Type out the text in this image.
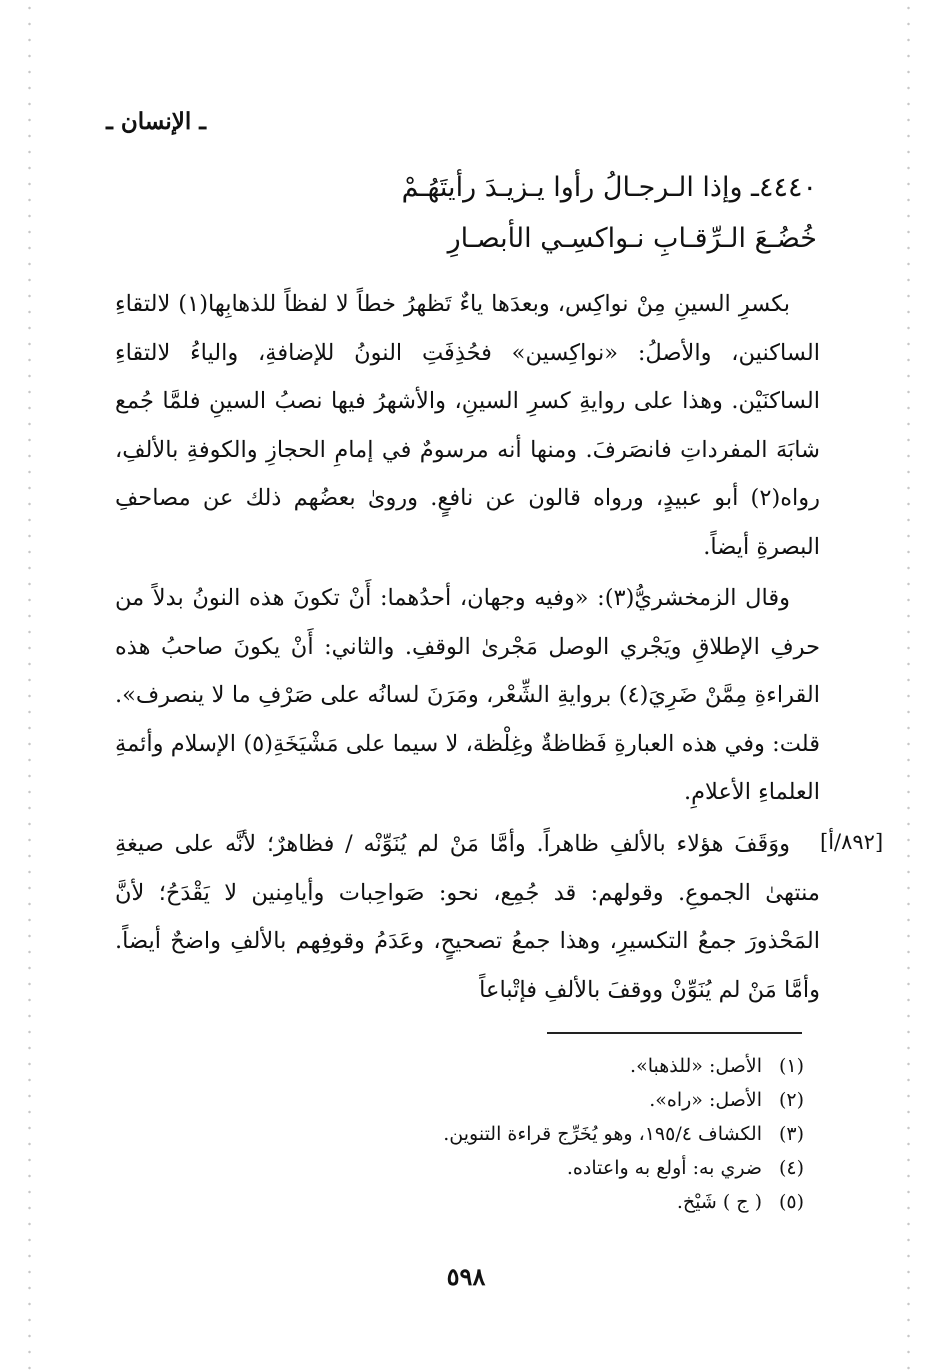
ـ الإنسان ـ
٤٤٤٠ـ وإذا الـرجـالُ رأوا يـزيـدَ رأيتَهُـمْ
خُضُـعَ الـرِّقـابِ نـواكسِـي الأبصـارِ

بكسرِ السينِ مِنْ نواكِس، وبعدَها ياءٌ تَظهرُ خطاً لا لفظاً للذهابِها(١) لالتقاءِ الساكنين، والأصلُ: «نواكِسين» فحُذِفَتِ النونُ للإضافةِ، والياءُ لالتقاءِ الساكنَيْن. وهذا على روايةِ كسرِ السينِ، والأشهرُ فيها نصبُ السينِ فلمَّا جُمع شابَهَ المفرداتِ فانصَرفَ. ومنها أنه مرسومٌ في إمامِ الحجازِ والكوفةِ بالألفِ، رواه(٢) أبو عبيدٍ، ورواه قالون عن نافعٍ. وروىٰ بعضُهم ذلك عن مصاحفِ البصرةِ أيضاً.

وقال الزمخشريُّ(٣): «وفيه وجهان، أحدُهما: أَنْ تكونَ هذه النونُ بدلاً من حرفِ الإطلاقِ ويَجْري الوصل مَجْرىٰ الوقفِ. والثاني: أَنْ يكونَ صاحبُ هذه القراءةِ مِمَّنْ ضَرِيَ(٤) بروايةِ الشِّعْر، ومَرَنَ لسانُه على صَرْفِ ما لا ينصرف». قلت: وفي هذه العبارةِ فَظاظةٌ وغِلْظة، لا سيما على مَشْيَخَةِ(٥) الإسلام وأئمةِ العلماءِ الأعلامِ.

ووَقَفَ هؤلاء بالألفِ ظاهراً. وأمَّا مَنْ لم يُنَوِّنْه / فظاهرٌ؛ لأنَّه على صيغةِ منتهىٰ الجموعِ. وقولهم: قد جُمِع، نحو: صَواحِبات وأيامِنين لا يَقْدَحُ؛ لأنَّ المَحْذورَ جمعُ التكسيرِ، وهذا جمعُ تصحيحٍ، وعَدَمُ وقوفِهم بالألفِ واضحٌ أيضاً. وأمَّا مَنْ لم يُنَوِّنْ ووقفَ بالألفِ فإتْباعاً

[٨٩٢/أ]
(١)الأصل: «للذهبا».
(٢)الأصل: «راه».
(٣)الكشاف ١٩٥/٤، وهو يُخَرِّج قراءة التنوين.
(٤)ضري به: أولع به واعتاده.
(٥)( ج ) شَيْخ.
٥٩٨
